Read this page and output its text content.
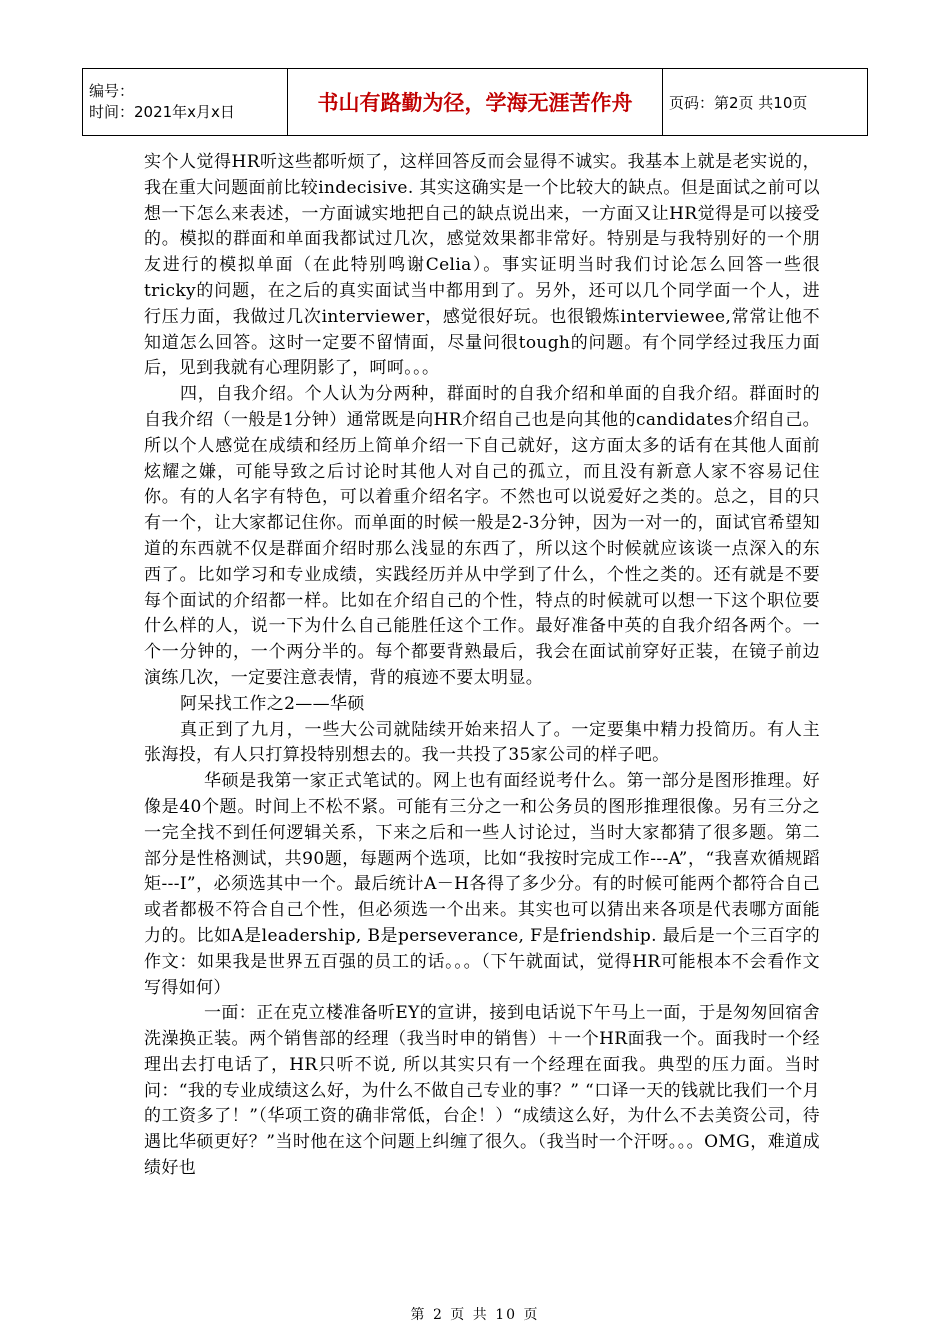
编号：
时间：2021年x月x日	书山有路勤为径，学海无涯苦作舟	页码：第2页 共10页

实个人觉得HR听这些都听烦了，这样回答反而会显得不诚实。我基本上就是老实说的，我在重大问题面前比较indecisive. 其实这确实是一个比较大的缺点。但是面试之前可以想一下怎么来表述，一方面诚实地把自己的缺点说出来，一方面又让HR觉得是可以接受的。模拟的群面和单面我都试过几次，感觉效果都非常好。特别是与我特别好的一个朋友进行的模拟单面（在此特别鸣谢Celia）。事实证明当时我们讨论怎么回答一些很tricky的问题，在之后的真实面试当中都用到了。另外，还可以几个同学面一个人，进行压力面，我做过几次interviewer，感觉很好玩。也很锻炼interviewee,常常让他不知道怎么回答。这时一定要不留情面，尽量问很tough的问题。有个同学经过我压力面后，见到我就有心理阴影了，呵呵。。。

四，自我介绍。个人认为分两种，群面时的自我介绍和单面的自我介绍。群面时的自我介绍（一般是1分钟）通常既是向HR介绍自己也是向其他的candidates介绍自己。所以个人感觉在成绩和经历上简单介绍一下自己就好，这方面太多的话有在其他人面前炫耀之嫌，可能导致之后讨论时其他人对自己的孤立，而且没有新意人家不容易记住你。有的人名字有特色，可以着重介绍名字。不然也可以说爱好之类的。总之，目的只有一个，让大家都记住你。而单面的时候一般是2-3分钟，因为一对一的，面试官希望知道的东西就不仅是群面介绍时那么浅显的东西了，所以这个时候就应该谈一点深入的东西了。比如学习和专业成绩，实践经历并从中学到了什么，个性之类的。还有就是不要每个面试的介绍都一样。比如在介绍自己的个性，特点的时候就可以想一下这个职位要什么样的人，说一下为什么自己能胜任这个工作。最好准备中英的自我介绍各两个。一个一分钟的，一个两分半的。每个都要背熟最后，我会在面试前穿好正装，在镜子前边演练几次，一定要注意表情，背的痕迹不要太明显。

阿呆找工作之2——华硕

真正到了九月，一些大公司就陆续开始来招人了。一定要集中精力投简历。有人主张海投，有人只打算投特别想去的。我一共投了35家公司的样子吧。

华硕是我第一家正式笔试的。网上也有面经说考什么。第一部分是图形推理。好像是40个题。时间上不松不紧。可能有三分之一和公务员的图形推理很像。另有三分之一完全找不到任何逻辑关系，下来之后和一些人讨论过，当时大家都猜了很多题。第二部分是性格测试，共90题，每题两个选项，比如“我按时完成工作---A”，“我喜欢循规蹈矩---I”，必须选其中一个。最后统计A－H各得了多少分。有的时候可能两个都符合自己或者都极不符合自己个性，但必须选一个出来。其实也可以猜出来各项是代表哪方面能力的。比如A是leadership, B是perseverance, F是friendship. 最后是一个三百字的作文：如果我是世界五百强的员工的话。。。（下午就面试，觉得HR可能根本不会看作文写得如何）

一面：正在克立楼准备听EY的宣讲，接到电话说下午马上一面，于是匆匆回宿舍洗澡换正装。两个销售部的经理（我当时申的销售）＋一个HR面我一个。面我时一个经理出去打电话了，HR只听不说, 所以其实只有一个经理在面我。典型的压力面。当时问：“我的专业成绩这么好，为什么不做自己专业的事？” “口译一天的钱就比我们一个月的工资多了！”（华项工资的确非常低，台企！）“成绩这么好，为什么不去美资公司，待遇比华硕更好？”当时他在这个问题上纠缠了很久。（我当时一个汗呀。。。OMG，难道成绩好也

第 2 页 共 10 页
